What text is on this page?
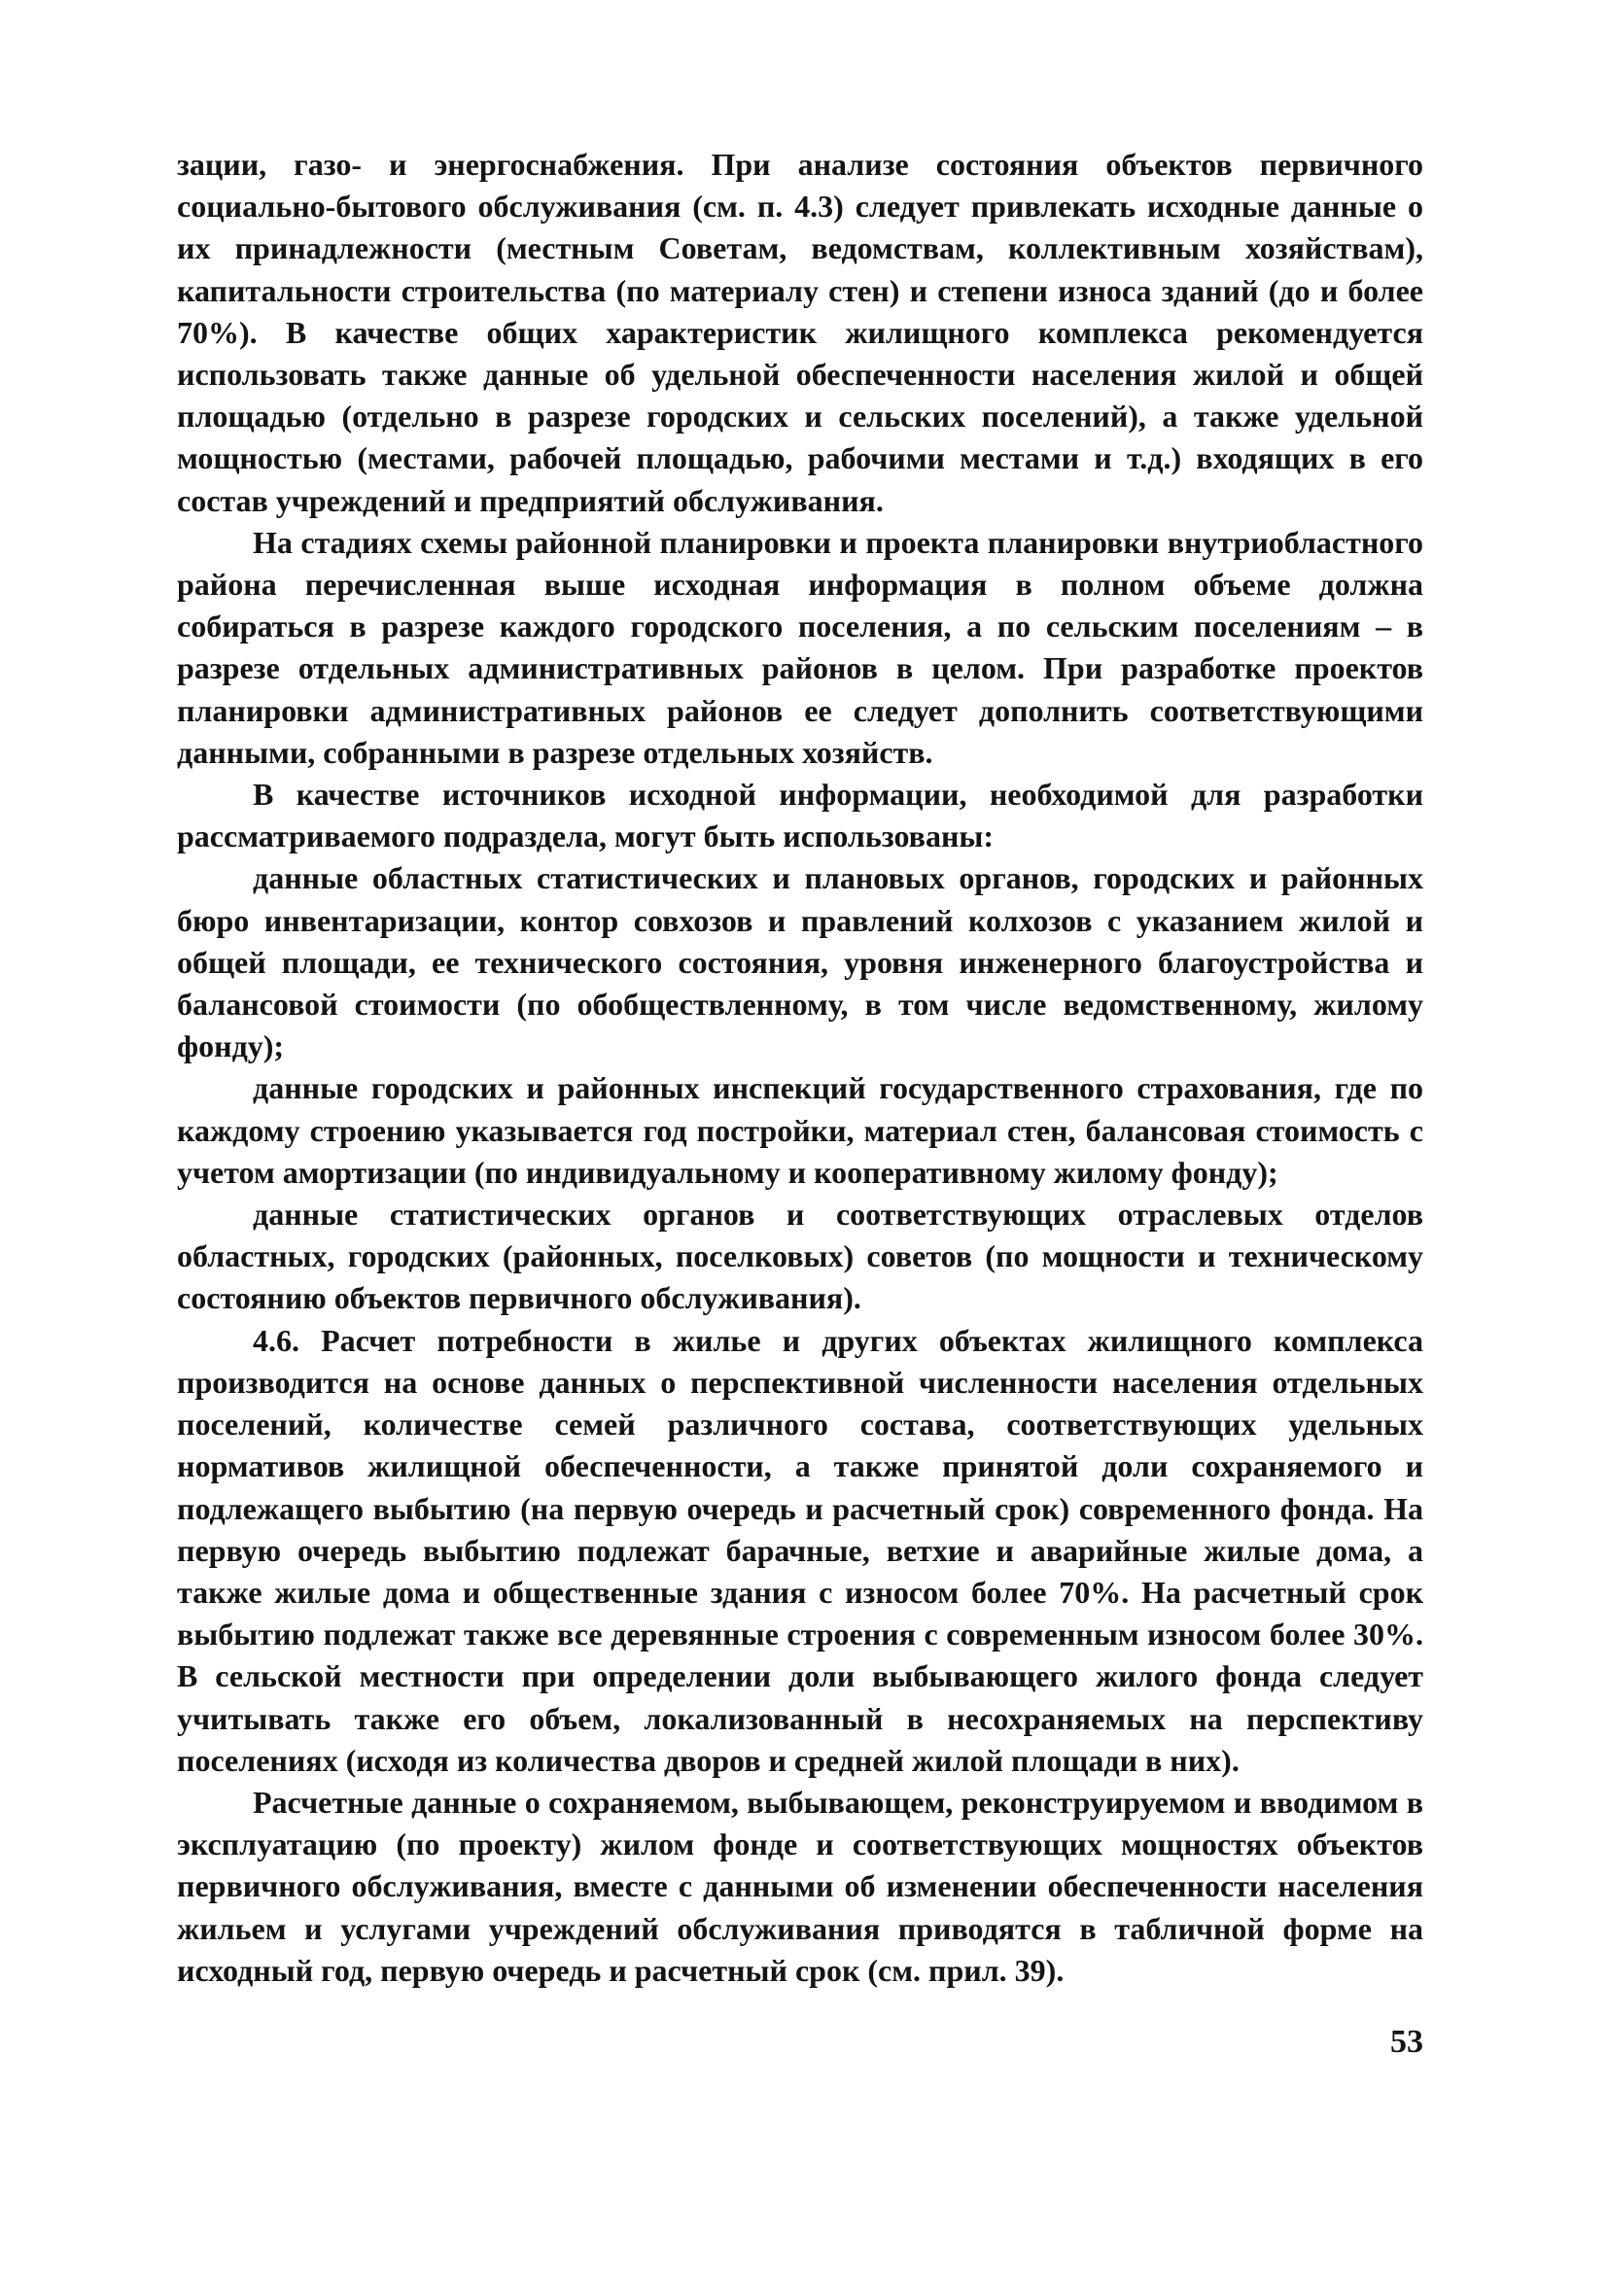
зации, газо- и энергоснабжения. При анализе состояния объектов первичного социально-бытового обслуживания (см. п. 4.3) следует привлекать исходные данные о их принадлежности (местным Советам, ведомствам, коллективным хозяйствам), капитальности строительства (по материалу стен) и степени износа зданий (до и более 70%). В качестве общих характеристик жилищного комплекса рекомендуется использовать также данные об удельной обеспеченности населения жилой и общей площадью (отдельно в разрезе городских и сельских поселений), а также удельной мощностью (местами, рабочей площадью, рабочими местами и т.д.) входящих в его состав учреждений и предприятий обслуживания.

На стадиях схемы районной планировки и проекта планировки внутриобластного района перечисленная выше исходная информация в полном объеме должна собираться в разрезе каждого городского поселения, а по сельским поселениям – в разрезе отдельных административных районов в целом. При разработке проектов планировки административных районов ее следует дополнить соответствующими данными, собранными в разрезе отдельных хозяйств.

В качестве источников исходной информации, необходимой для разработки рассматриваемого подраздела, могут быть использованы:

данные областных статистических и плановых органов, городских и районных бюро инвентаризации, контор совхозов и правлений колхозов с указанием жилой и общей площади, ее технического состояния, уровня инженерного благоустройства и балансовой стоимости (по обобществленному, в том числе ведомственному, жилому фонду);

данные городских и районных инспекций государственного страхования, где по каждому строению указывается год постройки, материал стен, балансовая стоимость с учетом амортизации (по индивидуальному и кооперативному жилому фонду);

данные статистических органов и соответствующих отраслевых отделов областных, городских (районных, поселковых) советов (по мощности и техническому состоянию объектов первичного обслуживания).

4.6. Расчет потребности в жилье и других объектах жилищного комплекса производится на основе данных о перспективной численности населения отдельных поселений, количестве семей различного состава, соответствующих удельных нормативов жилищной обеспеченности, а также принятой доли сохраняемого и подлежащего выбытию (на первую очередь и расчетный срок) современного фонда. На первую очередь выбытию подлежат барачные, ветхие и аварийные жилые дома, а также жилые дома и общественные здания с износом более 70%. На расчетный срок выбытию подлежат также все деревянные строения с современным износом более 30%. В сельской местности при определении доли выбывающего жилого фонда следует учитывать также его объем, локализованный в несохраняемых на перспективу поселениях (исходя из количества дворов и средней жилой площади в них).

Расчетные данные о сохраняемом, выбывающем, реконструируемом и вводимом в эксплуатацию (по проекту) жилом фонде и соответствующих мощностях объектов первичного обслуживания, вместе с данными об изменении обеспеченности населения жильем и услугами учреждений обслуживания приводятся в табличной форме на исходный год, первую очередь и расчетный срок (см. прил. 39).

53
